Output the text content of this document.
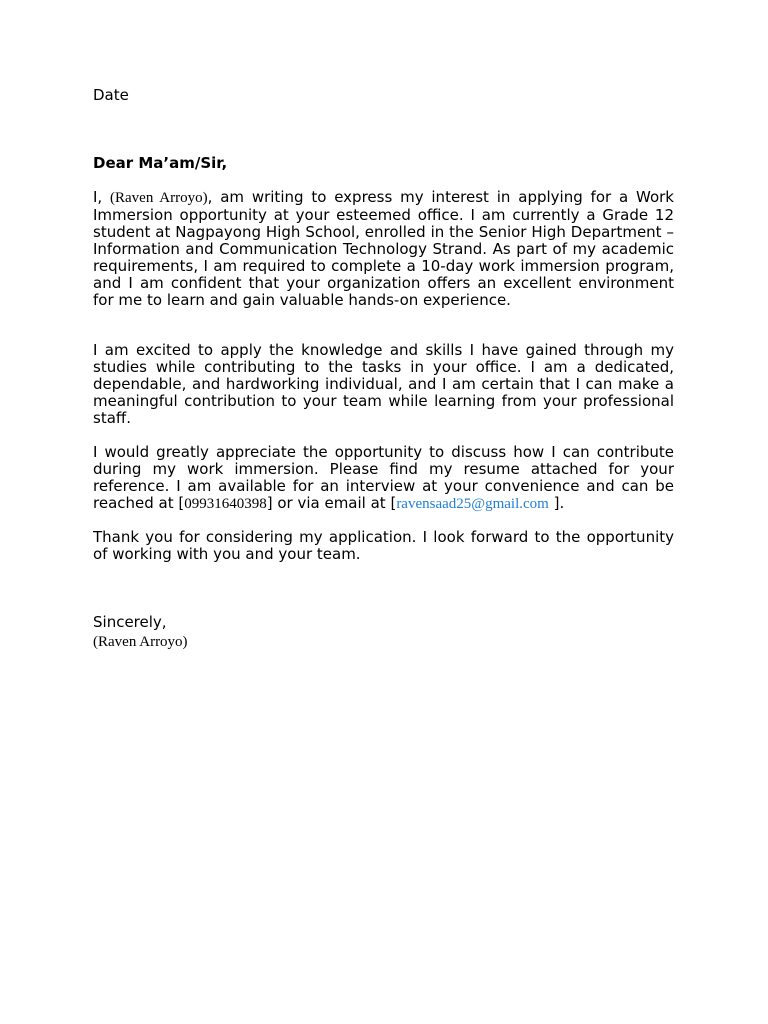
Date
Dear Ma’am/Sir,

I, (Raven Arroyo), am writing to express my interest in applying for a Work Immersion opportunity at your esteemed office. I am currently a Grade 12 student at Nagpayong High School, enrolled in the Senior High Department – Information and Communication Technology Strand. As part of my academic requirements, I am required to complete a 10-day work immersion program, and I am confident that your organization offers an excellent environment for me to learn and gain valuable hands-on experience.

I am excited to apply the knowledge and skills I have gained through my studies while contributing to the tasks in your office. I am a dedicated, dependable, and hardworking individual, and I am certain that I can make a meaningful contribution to your team while learning from your professional staff.

I would greatly appreciate the opportunity to discuss how I can contribute during my work immersion. Please find my resume attached for your reference. I am available for an interview at your convenience and can be reached at [09931640398] or via email at [ravensaad25@gmail.com ].

Thank you for considering my application. I look forward to the opportunity of working with you and your team.

Sincerely,
(Raven Arroyo)
